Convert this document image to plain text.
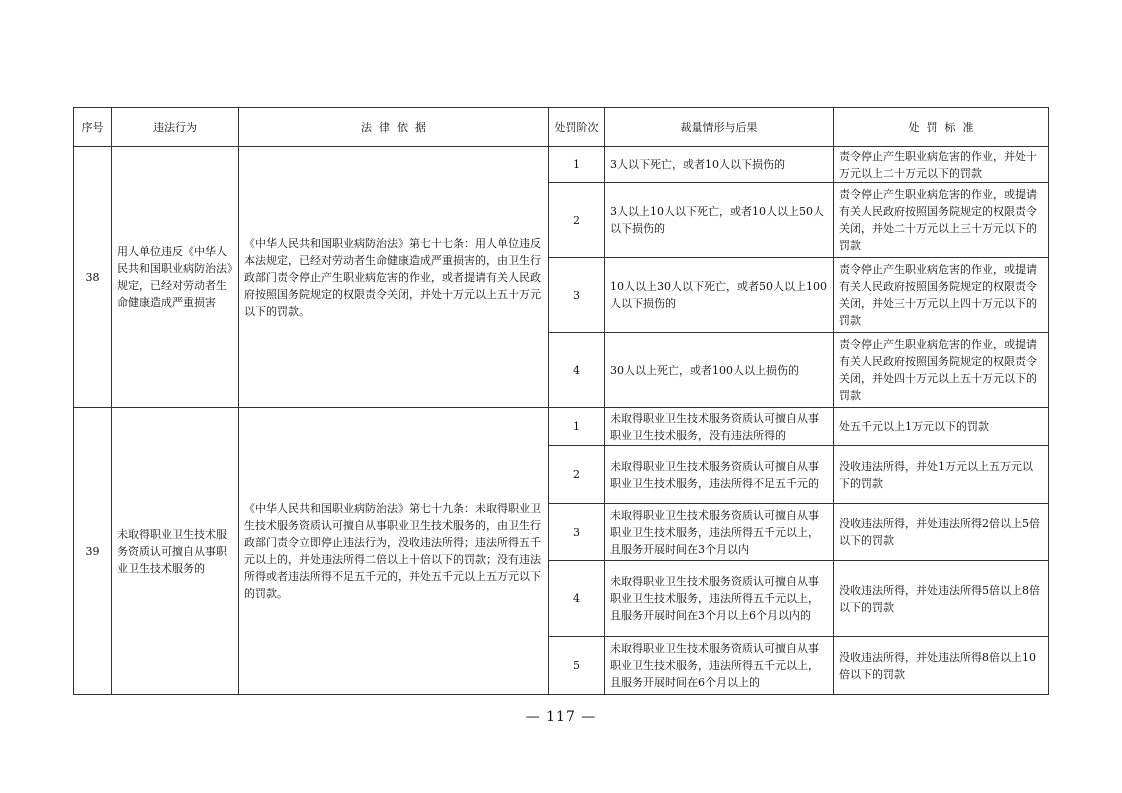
序号	违法行为	法  律  依  据	处罚阶次	裁量情形与后果	处  罚  标  准
38	用人单位违反《中华人民共和国职业病防治法》规定，已经对劳动者生命健康造成严重损害	《中华人民共和国职业病防治法》第七十七条：用人单位违反本法规定，已经对劳动者生命健康造成严重损害的，由卫生行政部门责令停止产生职业病危害的作业，或者提请有关人民政府按照国务院规定的权限责令关闭，并处十万元以上五十万元以下的罚款。	1	3人以下死亡，或者10人以下损伤的	责令停止产生职业病危害的作业，并处十万元以上二十万元以下的罚款
			2	3人以上10人以下死亡，或者10人以上50人以下损伤的	责令停止产生职业病危害的作业，或提请有关人民政府按照国务院规定的权限责令关闭，并处二十万元以上三十万元以下的罚款
			3	10人以上30人以下死亡，或者50人以上100人以下损伤的	责令停止产生职业病危害的作业，或提请有关人民政府按照国务院规定的权限责令关闭，并处三十万元以上四十万元以下的罚款
			4	30人以上死亡，或者100人以上损伤的	责令停止产生职业病危害的作业，或提请有关人民政府按照国务院规定的权限责令关闭，并处四十万元以上五十万元以下的罚款
39	未取得职业卫生技术服务资质认可擅自从事职业卫生技术服务的	《中华人民共和国职业病防治法》第七十九条：未取得职业卫生技术服务资质认可擅自从事职业卫生技术服务的，由卫生行政部门责令立即停止违法行为，没收违法所得；违法所得五千元以上的，并处违法所得二倍以上十倍以下的罚款；没有违法所得或者违法所得不足五千元的，并处五千元以上五万元以下的罚款。	1	未取得职业卫生技术服务资质认可擅自从事职业卫生技术服务，没有违法所得的	处五千元以上1万元以下的罚款
			2	未取得职业卫生技术服务资质认可擅自从事职业卫生技术服务，违法所得不足五千元的	没收违法所得，并处1万元以上五万元以下的罚款
			3	未取得职业卫生技术服务资质认可擅自从事职业卫生技术服务，违法所得五千元以上，且服务开展时间在3个月以内	没收违法所得，并处违法所得2倍以上5倍以下的罚款
			4	未取得职业卫生技术服务资质认可擅自从事职业卫生技术服务，违法所得五千元以上，且服务开展时间在3个月以上6个月以内的	没收违法所得，并处违法所得5倍以上8倍以下的罚款
			5	未取得职业卫生技术服务资质认可擅自从事职业卫生技术服务，违法所得五千元以上，且服务开展时间在6个月以上的	没收违法所得，并处违法所得8倍以上10倍以下的罚款
— 117 —
